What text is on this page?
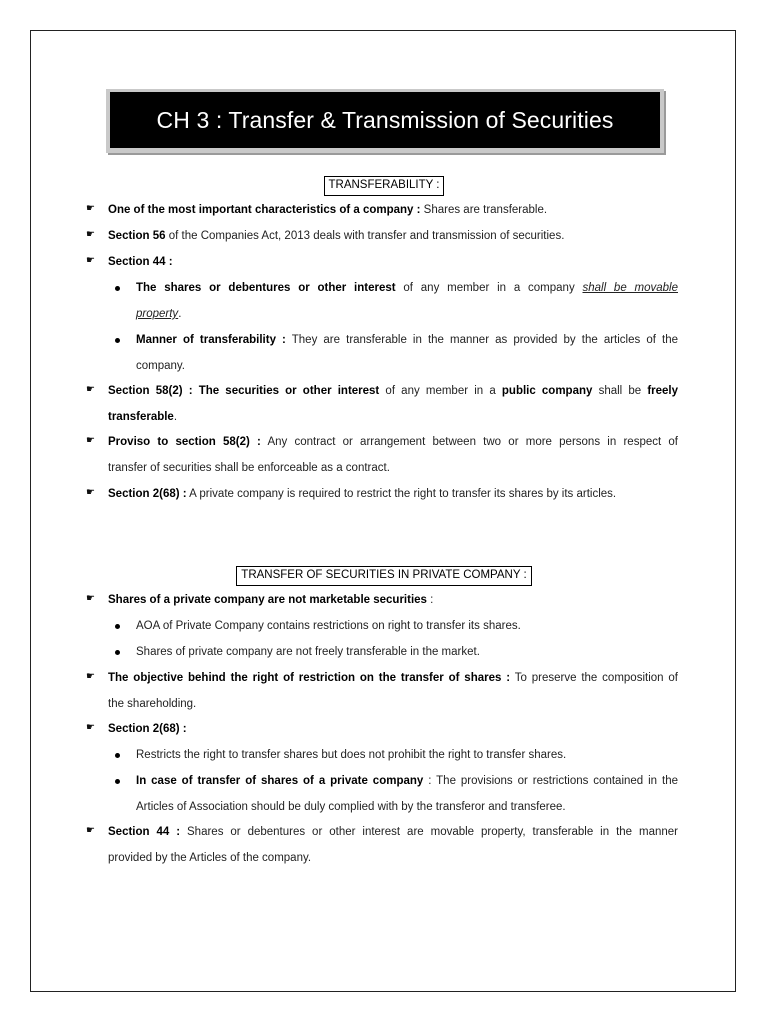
CH 3 : Transfer & Transmission of Securities
TRANSFERABILITY :
☛ One of the most important characteristics of a company : Shares are transferable.
☛ Section 56 of the Companies Act, 2013 deals with transfer and transmission of securities.
☛ Section 44 :
The shares or debentures or other interest of any member in a company shall be movable
property.
Manner of transferability : They are transferable in the manner as provided by the articles of the
company.
☛ Section 58(2) : The securities or other interest of any member in a public company shall be freely
transferable.
☛ Proviso to section 58(2) : Any contract or arrangement between two or more persons in respect of
transfer of securities shall be enforceable as a contract.
☛ Section 2(68) : A private company is required to restrict the right to transfer its shares by its articles.
TRANSFER OF SECURITIES IN PRIVATE COMPANY :
☛ Shares of a private company are not marketable securities :
AOA of Private Company contains restrictions on right to transfer its shares.
Shares of private company are not freely transferable in the market.
☛ The objective behind the right of restriction on the transfer of shares : To preserve the composition of
the shareholding.
☛ Section 2(68) :
Restricts the right to transfer shares but does not prohibit the right to transfer shares.
In case of transfer of shares of a private company : The provisions or restrictions contained in the
Articles of Association should be duly complied with by the transferor and transferee.
☛ Section 44 : Shares or debentures or other interest are movable property, transferable in the manner
provided by the Articles of the company.
